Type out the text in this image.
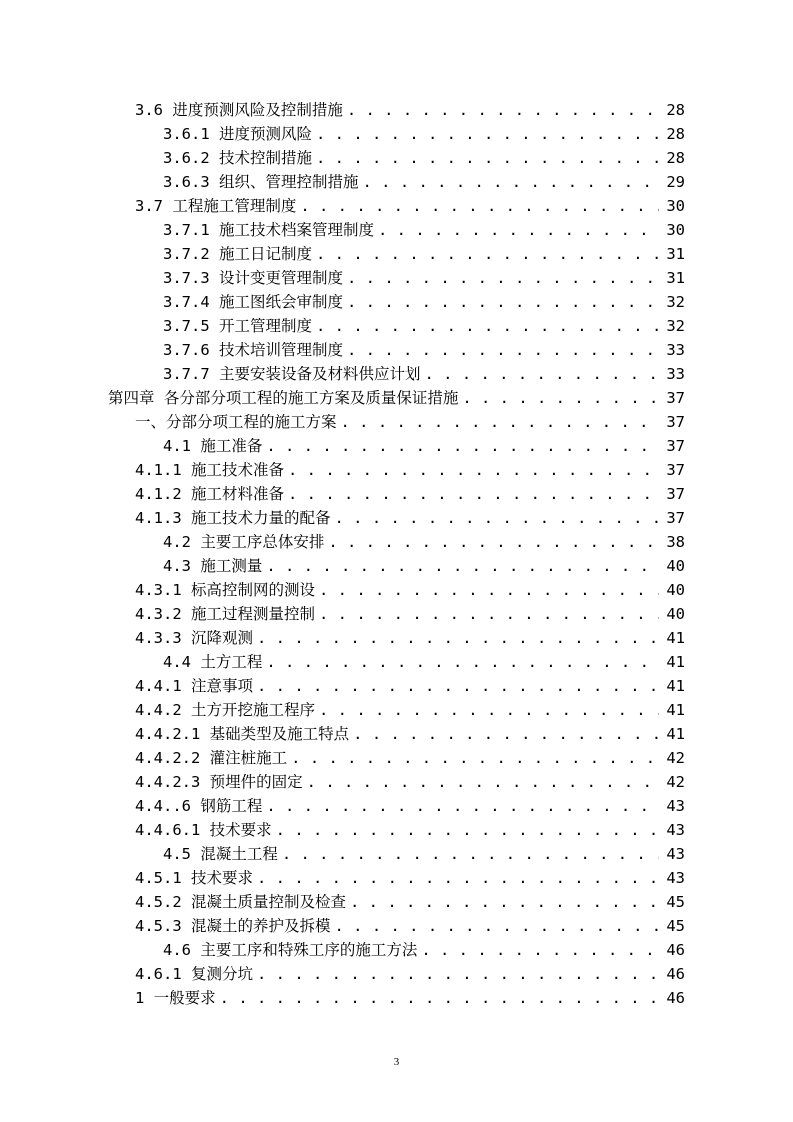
3.6 进度预测风险及控制措施 . . .	28
3.6.1 进度预测风险 . . .	28
3.6.2 技术控制措施 . . .	28
3.6.3 组织、管理控制措施 . . .	29
3.7 工程施工管理制度 . . .	30
3.7.1 施工技术档案管理制度 . . .	30
3.7.2 施工日记制度 . . .	31
3.7.3 设计变更管理制度 . . .	31
3.7.4 施工图纸会审制度 . . .	32
3.7.5 开工管理制度 . . .	32
3.7.6 技术培训管理制度 . . .	33
3.7.7 主要安装设备及材料供应计划 . . .	33
第四章 各分部分项工程的施工方案及质量保证措施 . . .	37
一、分部分项工程的施工方案 . . .	37
4.1 施工准备 . . .	37
4.1.1 施工技术准备 . . .	37
4.1.2 施工材料准备 . . .	37
4.1.3 施工技术力量的配备 . . .	37
4.2 主要工序总体安排 . . .	38
4.3 施工测量 . . .	40
4.3.1 标高控制网的测设 . . .	40
4.3.2 施工过程测量控制 . . .	40
4.3.3 沉降观测 . . .	41
4.4 土方工程 . . .	41
4.4.1 注意事项 . . .	41
4.4.2 土方开挖施工程序 . . .	41
4.4.2.1 基础类型及施工特点 . . .	41
4.4.2.2 灌注桩施工 . . .	42
4.4.2.3 预埋件的固定 . . .	42
4.4..6 钢筋工程 . . .	43
4.4.6.1 技术要求 . . .	43
4.5 混凝土工程 . . .	43
4.5.1 技术要求 . . .	43
4.5.2 混凝土质量控制及检查 . . .	45
4.5.3 混凝土的养护及拆模 . . .	45
4.6 主要工序和特殊工序的施工方法 . . .	46
4.6.1 复测分坑 . . .	46
1 一般要求 . . .	46
3
